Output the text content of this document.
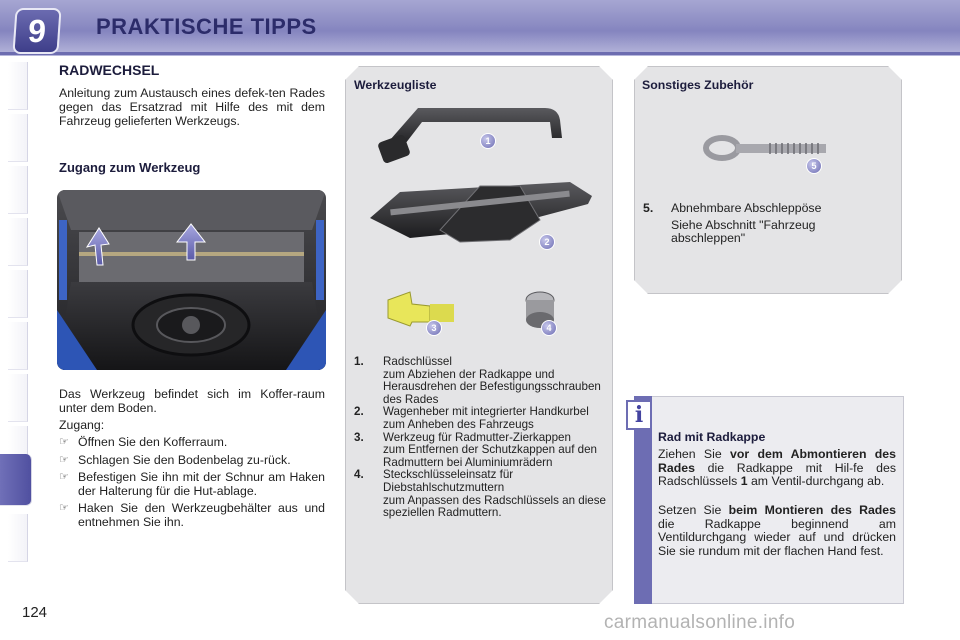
9	PRAKTISCHE TIPPS
124
RADWECHSEL

Anleitung zum Austausch eines defek-ten Rades gegen das Ersatzrad mit Hilfe des mit dem Fahrzeug gelieferten Werkzeugs.

Zugang zum Werkzeug

Das Werkzeug befindet sich im Koffer-raum unter dem Boden.

Zugang:
☞ Öffnen Sie den Kofferraum.
☞ Schlagen Sie den Bodenbelag zu-rück.
☞ Befestigen Sie ihn mit der Schnur am Haken der Halterung für die Hut-ablage.
☞ Haken Sie den Werkzeugbehälter aus und entnehmen Sie ihn.
Werkzeugliste
1
2
3	4
1. Radschlüssel
zum Abziehen der Radkappe und Herausdrehen der Befestigungsschrauben des Rades
2. Wagenheber mit integrierter Handkurbel
zum Anheben des Fahrzeugs
3. Werkzeug für Radmutter-Zierkappen
zum Entfernen der Schutzkappen auf den Radmuttern bei Aluminiumrädern
4. Steckschlüsseleinsatz für Diebstahlschutzmuttern
zum Anpassen des Radschlüssels an diese speziellen Radmuttern.
Sonstiges Zubehör
5
5. Abnehmbare Abschleppöse
Siehe Abschnitt "Fahrzeug abschleppen"
i
Rad mit Radkappe

Ziehen Sie vor dem Abmontieren des Rades die Radkappe mit Hil-fe des Radschlüssels 1 am Ventil-durchgang ab.

Setzen Sie beim Montieren des Rades die Radkappe beginnend am Ventildurchgang wieder auf und drücken Sie sie rundum mit der flachen Hand fest.

carmanualsonline.info
